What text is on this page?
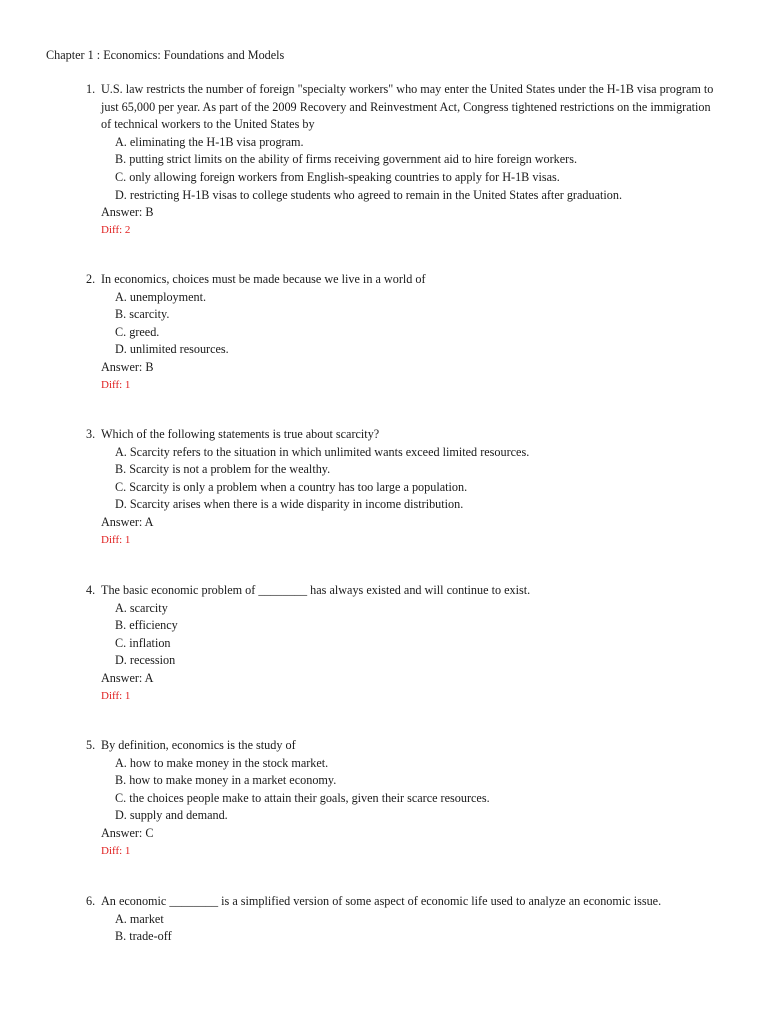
Chapter 1 : Economics: Foundations and Models
1. U.S. law restricts the number of foreign "specialty workers" who may enter the United States under the H-1B visa program to just 65,000 per year. As part of the 2009 Recovery and Reinvestment Act, Congress tightened restrictions on the immigration of technical workers to the United States by
A. eliminating the H-1B visa program.
B. putting strict limits on the ability of firms receiving government aid to hire foreign workers.
C. only allowing foreign workers from English-speaking countries to apply for H-1B visas.
D. restricting H-1B visas to college students who agreed to remain in the United States after graduation.
Answer: B
Diff: 2
2. In economics, choices must be made because we live in a world of
A. unemployment.
B. scarcity.
C. greed.
D. unlimited resources.
Answer: B
Diff: 1
3. Which of the following statements is true about scarcity?
A. Scarcity refers to the situation in which unlimited wants exceed limited resources.
B. Scarcity is not a problem for the wealthy.
C. Scarcity is only a problem when a country has too large a population.
D. Scarcity arises when there is a wide disparity in income distribution.
Answer: A
Diff: 1
4. The basic economic problem of ________ has always existed and will continue to exist.
A. scarcity
B. efficiency
C. inflation
D. recession
Answer: A
Diff: 1
5. By definition, economics is the study of
A. how to make money in the stock market.
B. how to make money in a market economy.
C. the choices people make to attain their goals, given their scarce resources.
D. supply and demand.
Answer: C
Diff: 1
6. An economic ________ is a simplified version of some aspect of economic life used to analyze an economic issue.
A. market
B. trade-off
